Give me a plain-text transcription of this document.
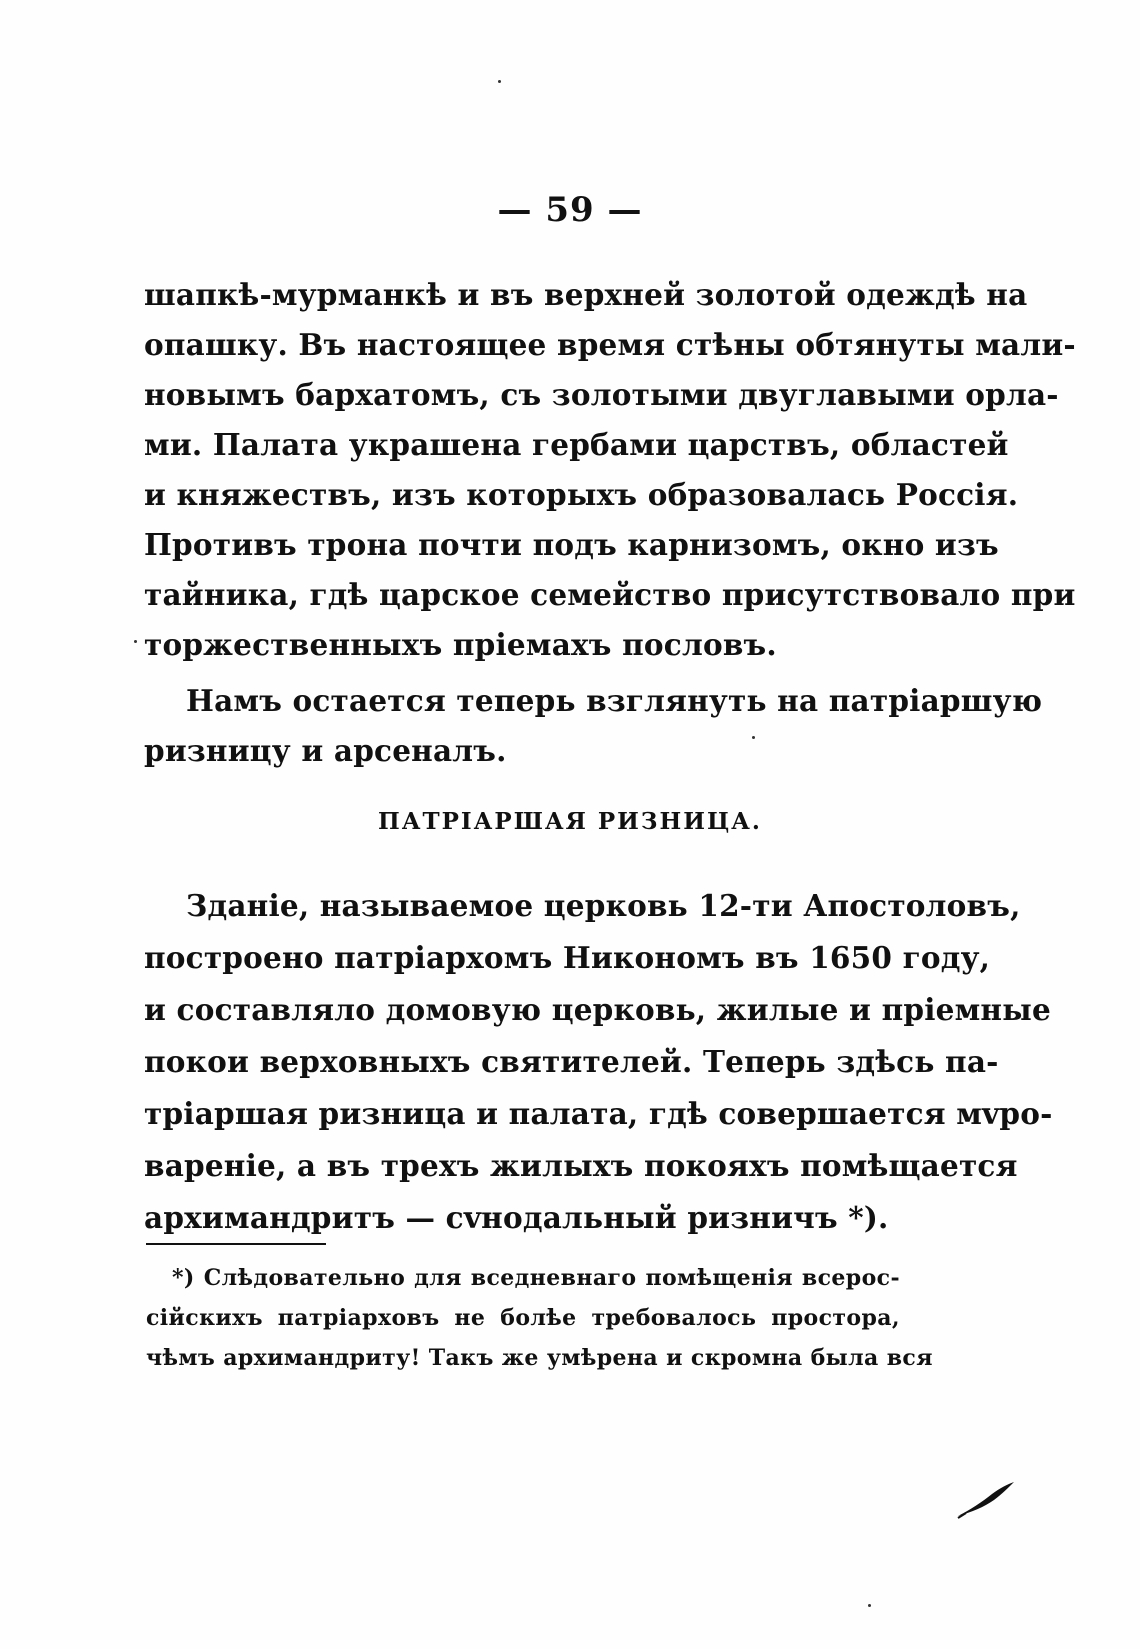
— 59 —
шапкѣ-мурманкѣ и въ верхней золотой одеждѣ на
опашку. Въ настоящее время стѣны обтянуты мали-
новымъ бархатомъ, съ золотыми двуглавыми орла-
ми. Палата украшена гербами царствъ, областей
и княжествъ, изъ которыхъ образовалась Россія.
Противъ трона почти подъ карнизомъ, окно изъ
тайника, гдѣ царское семейство присутствовало при
торжественныхъ пріемахъ пословъ.
Намъ остается теперь взглянуть на патріаршую
ризницу и арсеналъ.
ПАТРІАРШАЯ РИЗНИЦА.
Зданіе, называемое церковь 12-ти Апостоловъ,
построено патріархомъ Никономъ въ 1650 году,
и составляло домовую церковь, жилые и пріемные
покои верховныхъ святителей. Теперь здѣсь па-
тріаршая ризница и палата, гдѣ совершается мvро-
вареніе, а въ трехъ жилыхъ покояхъ помѣщается
архимандритъ — сvнодальный ризничъ *).
*) Слѣдовательно для вседневнаго помѣщенія всерос-
сійскихъ патріарховъ не болѣе требовалось простора,
чѣмъ архимандриту! Такъ же умѣрена и скромна была вся
